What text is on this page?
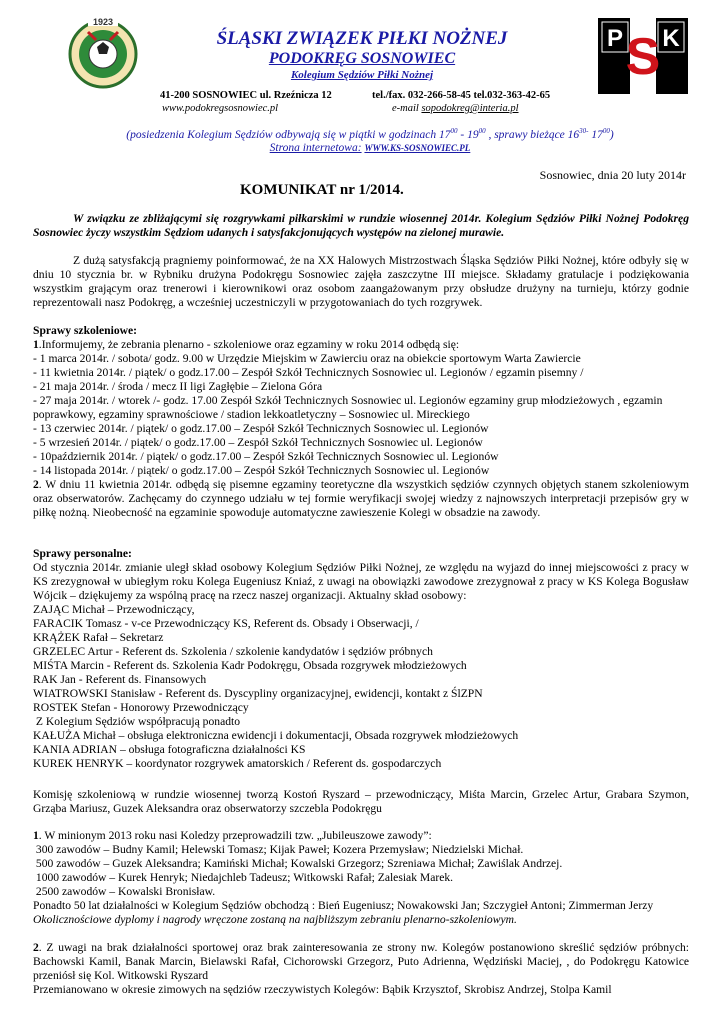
1923
P S K
ŚLĄSKI ZWIĄZEK PIŁKI NOŻNEJ
PODOKRĘG SOSNOWIEC
Kolegium Sędziów Piłki Nożnej
41-200 SOSNOWIEC ul. Rzeźnicza 12	tel./fax. 032-266-58-45 tel.032-363-42-65
www.podokregsosnowiec.pl	e-mail sopodokreg@interia.pl
(posiedzenia Kolegium Sędziów odbywają się w piątki w godzinach $17^{00} - 19^{00}$ , sprawy bieżące $16^{30-}$ $17^{00}$)
Strona internetowa: WWW.KS-SOSNOWIEC.PL
Sosnowiec, dnia 20 luty 2014r
KOMUNIKAT nr 1/2014.
W związku ze zbliżającymi się rozgrywkami piłkarskimi w rundzie wiosennej 2014r. Kolegium Sędziów Piłki Nożnej Podokręg Sosnowiec życzy wszystkim Sędziom udanych i satysfakcjonujących występów na zielonej murawie.
Z dużą satysfakcją pragniemy poinformować, że na XX Halowych Mistrzostwach Śląska Sędziów Piłki Nożnej, które odbyły się w dniu 10 stycznia br. w Rybniku drużyna Podokręgu Sosnowiec zajęła zaszczytne III miejsce. Składamy gratulacje i podziękowania wszystkim grającym oraz trenerowi i kierownikowi oraz osobom zaangażowanym przy obsłudze drużyny na turnieju, którzy godnie reprezentowali nasz Podokręg, a wcześniej uczestniczyli w przygotowaniach do tych rozgrywek.

Sprawy szkoleniowe:

1.Informujemy, że zebrania plenarno - szkoleniowe oraz egzaminy w roku 2014 odbędą się:

- 1 marca 2014r. / sobota/ godz. 9.00 w Urzędzie Miejskim w Zawierciu oraz na obiekcie sportowym Warta Zawiercie

- 11 kwietnia 2014r. / piątek/ o godz.17.00 – Zespół Szkół Technicznych Sosnowiec ul. Legionów / egzamin pisemny /

- 21 maja 2014r. / środa / mecz II ligi Zagłębie – Zielona Góra

- 27 maja 2014r. / wtorek /- godz. 17.00 Zespół Szkół Technicznych Sosnowiec ul. Legionów egzaminy grup młodzieżowych , egzamin poprawkowy, egzaminy sprawnościowe / stadion lekkoatletyczny – Sosnowiec ul. Mireckiego

- 13 czerwiec 2014r. / piątek/ o godz.17.00 – Zespół Szkół Technicznych Sosnowiec ul. Legionów

- 5 wrzesień 2014r. / piątek/ o godz.17.00 – Zespół Szkół Technicznych Sosnowiec ul. Legionów

- 10październik 2014r. / piątek/ o godz.17.00 – Zespół Szkół Technicznych Sosnowiec ul. Legionów

- 14 listopada 2014r. / piątek/ o godz.17.00 – Zespół Szkół Technicznych Sosnowiec ul. Legionów

2. W dniu 11 kwietnia 2014r. odbędą się pisemne egzaminy teoretyczne dla wszystkich sędziów czynnych objętych stanem szkoleniowym oraz obserwatorów. Zachęcamy do czynnego udziału w tej formie weryfikacji swojej wiedzy z najnowszych interpretacji przepisów gry w piłkę nożną. Nieobecność na egzaminie spowoduje automatyczne zawieszenie Kolegi w obsadzie na zawody.

Sprawy personalne:

Od stycznia 2014r. zmianie uległ skład osobowy Kolegium Sędziów Piłki Nożnej, ze względu na wyjazd do innej miejscowości z pracy w KS zrezygnował w ubiegłym roku Kolega Eugeniusz Kniaź, z uwagi na obowiązki zawodowe zrezygnował z pracy w KS Kolega Bogusław Wójcik – dziękujemy za wspólną pracę na rzecz naszej organizacji. Aktualny skład osobowy:

ZAJĄC Michał – Przewodniczący,

FARACIK Tomasz - v-ce Przewodniczący KS, Referent ds. Obsady i Obserwacji, /

KRĄŻEK Rafał – Sekretarz

GRZELEC Artur - Referent ds. Szkolenia / szkolenie kandydatów i sędziów próbnych

MIŚTA Marcin - Referent ds. Szkolenia Kadr Podokręgu, Obsada rozgrywek młodzieżowych

RAK Jan - Referent ds. Finansowych

WIATROWSKI Stanisław - Referent ds. Dyscypliny organizacyjnej, ewidencji, kontakt z ŚlZPN

ROSTEK Stefan - Honorowy Przewodniczący

Z Kolegium Sędziów współpracują ponadto

KAŁUŻA Michał – obsługa elektroniczna ewidencji i dokumentacji, Obsada rozgrywek młodzieżowych

KANIA ADRIAN – obsługa fotograficzna działalności KS

KUREK HENRYK – koordynator rozgrywek amatorskich / Referent ds. gospodarczych

Komisję szkoleniową w rundzie wiosennej tworzą Kostoń Ryszard – przewodniczący, Miśta Marcin, Grzelec Artur, Grabara Szymon, Grząba Mariusz, Guzek Aleksandra oraz obserwatorzy szczebla Podokręgu

1. W minionym 2013 roku nasi Koledzy przeprowadzili tzw. „Jubileuszowe zawody”:

300 zawodów – Budny Kamil; Helewski Tomasz; Kijak Paweł; Kozera Przemysław; Niedzielski Michał.

500 zawodów – Guzek Aleksandra; Kamiński Michał; Kowalski Grzegorz; Szreniawa Michał; Zawiślak Andrzej.

1000 zawodów – Kurek Henryk; Niedajchleb Tadeusz; Witkowski Rafał; Zalesiak Marek.

2500 zawodów – Kowalski Bronisław.

Ponadto 50 lat działalności w Kolegium Sędziów obchodzą : Bień Eugeniusz; Nowakowski Jan; Szczygieł Antoni; Zimmerman Jerzy

Okolicznościowe dyplomy i nagrody wręczone zostaną na najbliższym zebraniu plenarno-szkoleniowym.

2. Z uwagi na brak działalności sportowej oraz brak zainteresowania ze strony nw. Kolegów postanowiono skreślić sędziów próbnych: Bachowski Kamil, Banak Marcin, Bielawski Rafał, Cichorowski Grzegorz, Puto Adrienna, Wędziński Maciej, , do Podokręgu Katowice przeniósł się Kol. Witkowski Ryszard

Przemianowano w okresie zimowych na sędziów rzeczywistych Kolegów: Bąbik Krzysztof, Skrobisz Andrzej, Stolpa Kamil
